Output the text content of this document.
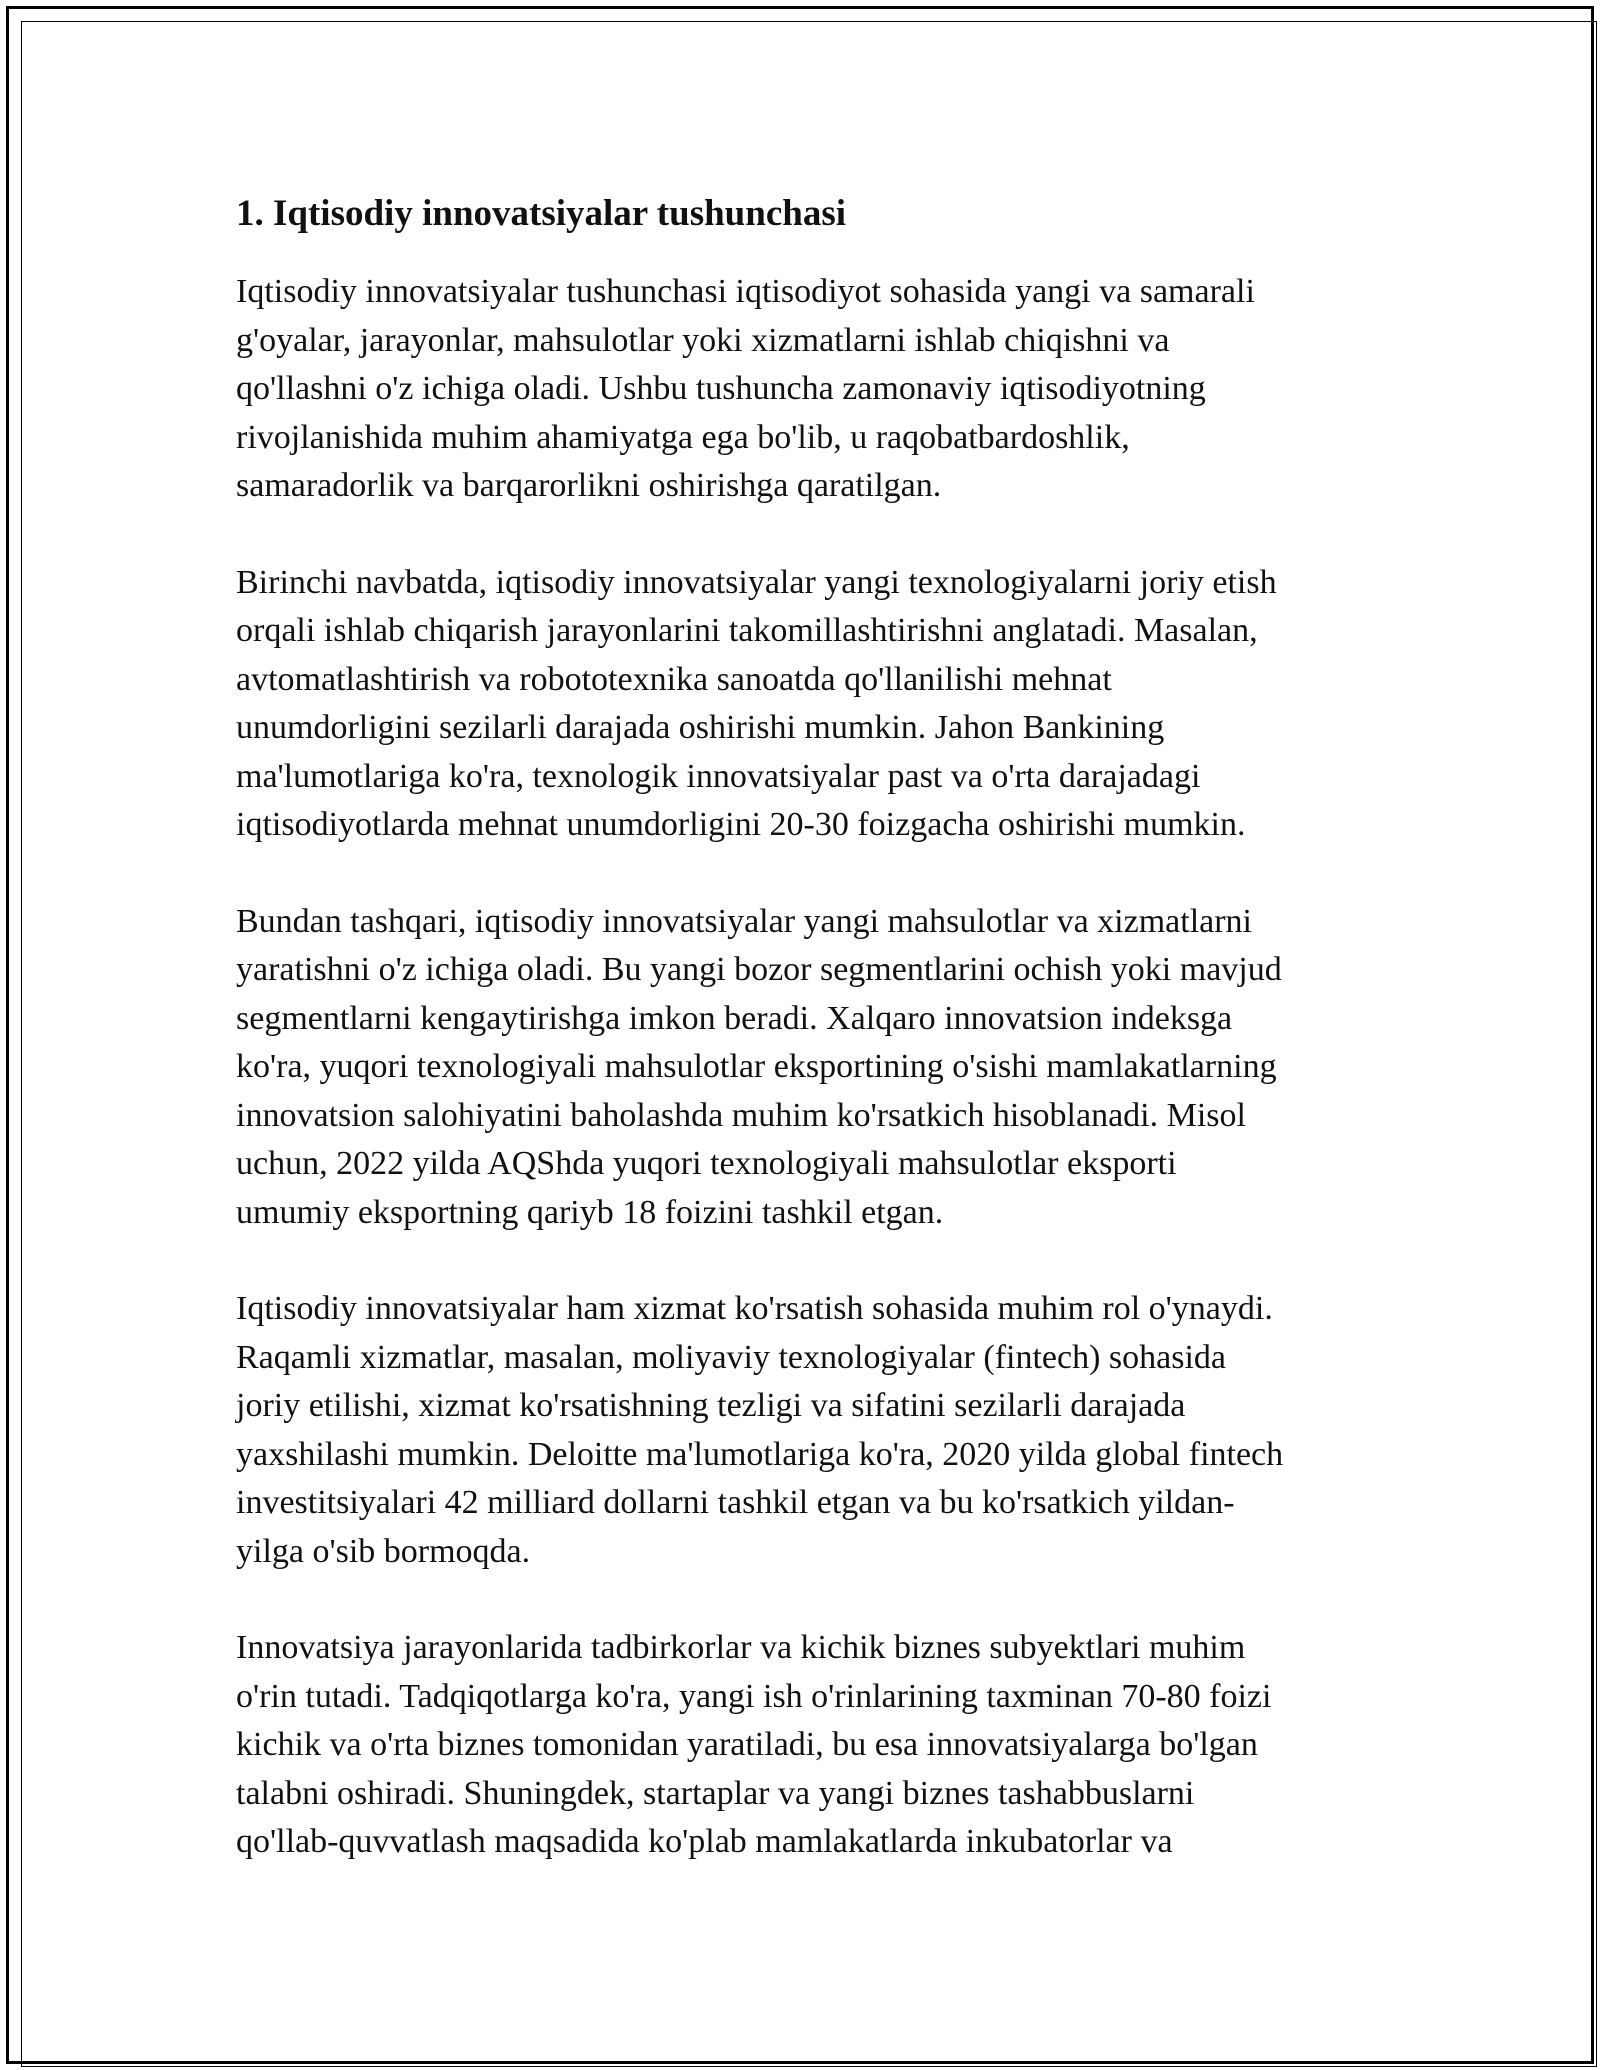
1. Iqtisodiy innovatsiyalar tushunchasi

Iqtisodiy innovatsiyalar tushunchasi iqtisodiyot sohasida yangi va samarali
g'oyalar, jarayonlar, mahsulotlar yoki xizmatlarni ishlab chiqishni va
qo'llashni o'z ichiga oladi. Ushbu tushuncha zamonaviy iqtisodiyotning
rivojlanishida muhim ahamiyatga ega bo'lib, u raqobatbardoshlik,
samaradorlik va barqarorlikni oshirishga qaratilgan.

Birinchi navbatda, iqtisodiy innovatsiyalar yangi texnologiyalarni joriy etish
orqali ishlab chiqarish jarayonlarini takomillashtirishni anglatadi. Masalan,
avtomatlashtirish va robototexnika sanoatda qo'llanilishi mehnat
unumdorligini sezilarli darajada oshirishi mumkin. Jahon Bankining
ma'lumotlariga ko'ra, texnologik innovatsiyalar past va o'rta darajadagi
iqtisodiyotlarda mehnat unumdorligini 20-30 foizgacha oshirishi mumkin.

Bundan tashqari, iqtisodiy innovatsiyalar yangi mahsulotlar va xizmatlarni
yaratishni o'z ichiga oladi. Bu yangi bozor segmentlarini ochish yoki mavjud
segmentlarni kengaytirishga imkon beradi. Xalqaro innovatsion indeksga
ko'ra, yuqori texnologiyali mahsulotlar eksportining o'sishi mamlakatlarning
innovatsion salohiyatini baholashda muhim ko'rsatkich hisoblanadi. Misol
uchun, 2022 yilda AQShda yuqori texnologiyali mahsulotlar eksporti
umumiy eksportning qariyb 18 foizini tashkil etgan.

Iqtisodiy innovatsiyalar ham xizmat ko'rsatish sohasida muhim rol o'ynaydi.
Raqamli xizmatlar, masalan, moliyaviy texnologiyalar (fintech) sohasida
joriy etilishi, xizmat ko'rsatishning tezligi va sifatini sezilarli darajada
yaxshilashi mumkin. Deloitte ma'lumotlariga ko'ra, 2020 yilda global fintech
investitsiyalari 42 milliard dollarni tashkil etgan va bu ko'rsatkich yildan-
yilga o'sib bormoqda.

Innovatsiya jarayonlarida tadbirkorlar va kichik biznes subyektlari muhim
o'rin tutadi. Tadqiqotlarga ko'ra, yangi ish o'rinlarining taxminan 70-80 foizi
kichik va o'rta biznes tomonidan yaratiladi, bu esa innovatsiyalarga bo'lgan
talabni oshiradi. Shuningdek, startaplar va yangi biznes tashabbuslarni
qo'llab-quvvatlash maqsadida ko'plab mamlakatlarda inkubatorlar va
